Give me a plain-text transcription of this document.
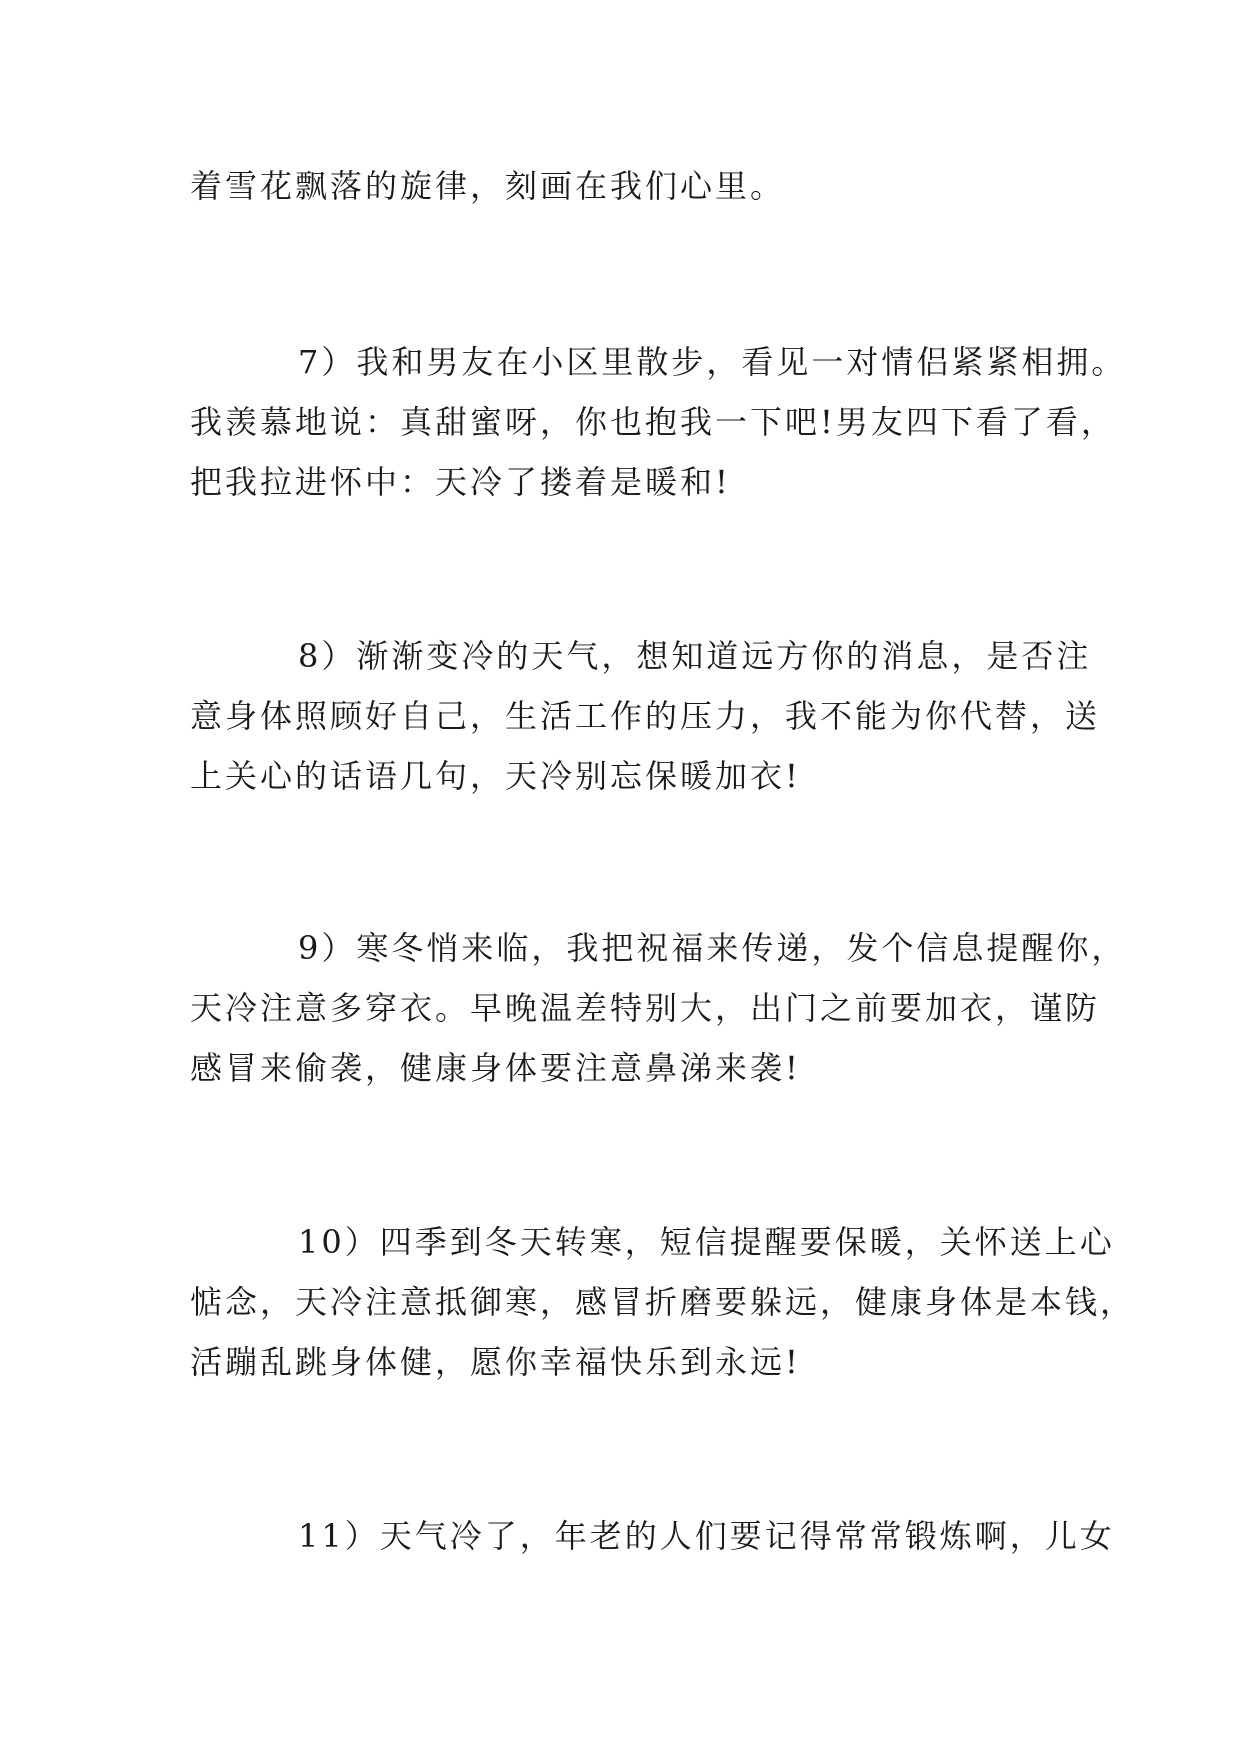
着雪花飘落的旋律，刻画在我们心里。

7）我和男友在小区里散步，看见一对情侣紧紧相拥。
我羡慕地说：真甜蜜呀，你也抱我一下吧!男友四下看了看，
把我拉进怀中：天冷了搂着是暖和!

8）渐渐变冷的天气，想知道远方你的消息，是否注
意身体照顾好自己，生活工作的压力，我不能为你代替，送
上关心的话语几句，天冷别忘保暖加衣!

9）寒冬悄来临，我把祝福来传递，发个信息提醒你，
天冷注意多穿衣。早晚温差特别大，出门之前要加衣，谨防
感冒来偷袭，健康身体要注意鼻涕来袭!

10）四季到冬天转寒，短信提醒要保暖，关怀送上心
惦念，天冷注意抵御寒，感冒折磨要躲远，健康身体是本钱，
活蹦乱跳身体健，愿你幸福快乐到永远!

11）天气冷了，年老的人们要记得常常锻炼啊，儿女
